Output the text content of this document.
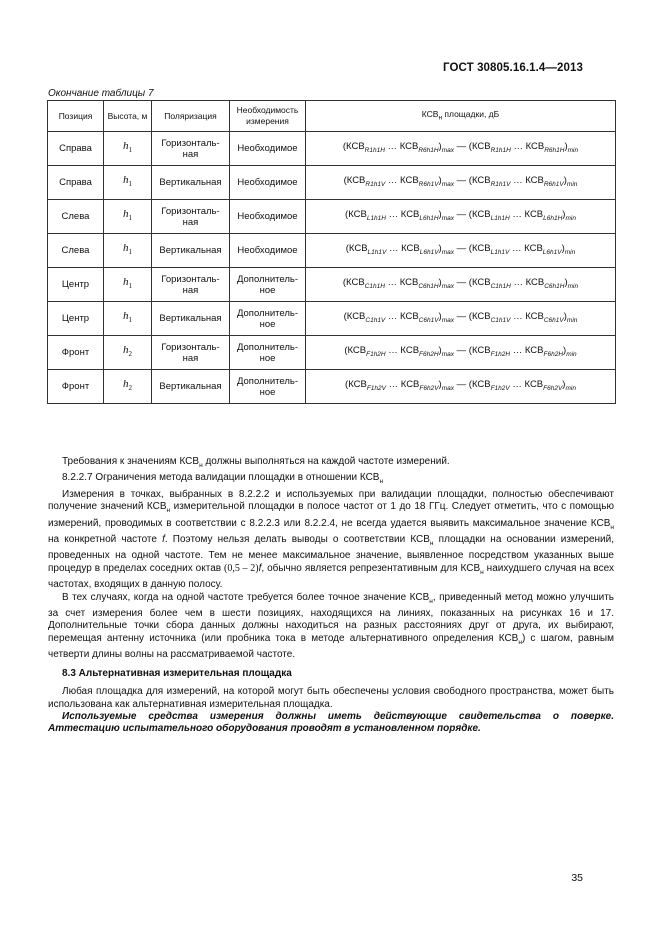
ГОСТ 30805.16.1.4—2013
Окончание таблицы 7
Позиция	Высота, м	Поляризация	Необходимость измерения	$КСВ_н$ площадки, дБ
Справа	$h_1$	Горизонталь-ная	Необходимое	($КСВ_{R1h1H}$ … $КСВ_{R6h1H})_{max}$ — ($КСВ_{R1h1H}$ … $КСВ_{R6h1H})_{min}$
Справа	$h_1$	Вертикальная	Необходимое	($КСВ_{R1h1V}$ … $КСВ_{R6h1V})_{max}$ — ($КСВ_{R1h1V}$ … $КСВ_{R6h1V})_{min}$
Слева	$h_1$	Горизонталь-ная	Необходимое	($КСВ_{L1h1H}$ … $КСВ_{L6h1H})_{max}$ — ($КСВ_{L1h1H}$ … $КСВ_{L6h1H})_{min}$
Слева	$h_1$	Вертикальная	Необходимое	($КСВ_{L1h1V}$ … $КСВ_{L6h1V})_{max}$ — ($КСВ_{L1h1V}$ … $КСВ_{L6h1V})_{min}$
Центр	$h_1$	Горизонталь-ная	Дополнитель-ное	($КСВ_{C1h1H}$ … $КСВ_{C6h1H})_{max}$ — ($КСВ_{C1h1H}$ … $КСВ_{C6h1H})_{min}$
Центр	$h_1$	Вертикальная	Дополнитель-ное	($КСВ_{C1h1V}$ … $КСВ_{C6h1V})_{max}$ — ($КСВ_{C1h1V}$ … $КСВ_{C6h1V})_{min}$
Фронт	$h_2$	Горизонталь-ная	Дополнитель-ное	($КСВ_{F1h2H}$ … $КСВ_{F6h2H})_{max}$ — ($КСВ_{F1h2H}$ … $КСВ_{F6h2H})_{min}$
Фронт	$h_2$	Вертикальная	Дополнитель-ное	($КСВ_{F1h2V}$ … $КСВ_{F6h2V})_{max}$ — ($КСВ_{F1h2V}$ … $КСВ_{F6h2V})_{min}$

Требования к значениям $КСВ_н$ должны выполняться на каждой частоте измерений.

8.2.2.7 Ограничения метода валидации площадки в отношении $КСВ_н$

Измерения в точках, выбранных в 8.2.2.2 и используемых при валидации площадки, полностью обеспечивают получение значений $КСВ_н$ измерительной площадки в полосе частот от 1 до 18 ГГц. Следует отметить, что с помощью измерений, проводимых в соответствии с 8.2.2.3 или 8.2.2.4, не всегда удается выявить максимальное значение $КСВ_н$ на конкретной частоте f. Поэтому нельзя делать выводы о соответствии $КСВ_н$ площадки на основании измерений, проведенных на одной частоте. Тем не менее максимальное значение, выявленное посредством указанных выше процедур в пределах соседних октав (0,5 – 2)f, обычно является репрезентативным для $КСВ_н$ наихудшего случая на всех частотах, входящих в данную полосу.

В тех случаях, когда на одной частоте требуется более точное значение $КСВ_н$, приведенный метод можно улучшить за счет измерения более чем в шести позициях, находящихся на линиях, показанных на рисунках 16 и 17. Дополнительные точки сбора данных должны находиться на разных расстояниях друг от друга, их выбирают, перемещая антенну источника (или пробника тока в методе альтернативного определения $КСВ_н$) с шагом, равным четверти длины волны на рассматриваемой частоте.

8.3 Альтернативная измерительная площадка

Любая площадка для измерений, на которой могут быть обеспечены условия свободного пространства, может быть использована как альтернативная измерительная площадка.

Используемые средства измерения должны иметь действующие свидетельства о поверке. Аттестацию испытательного оборудования проводят в установленном порядке.

35
